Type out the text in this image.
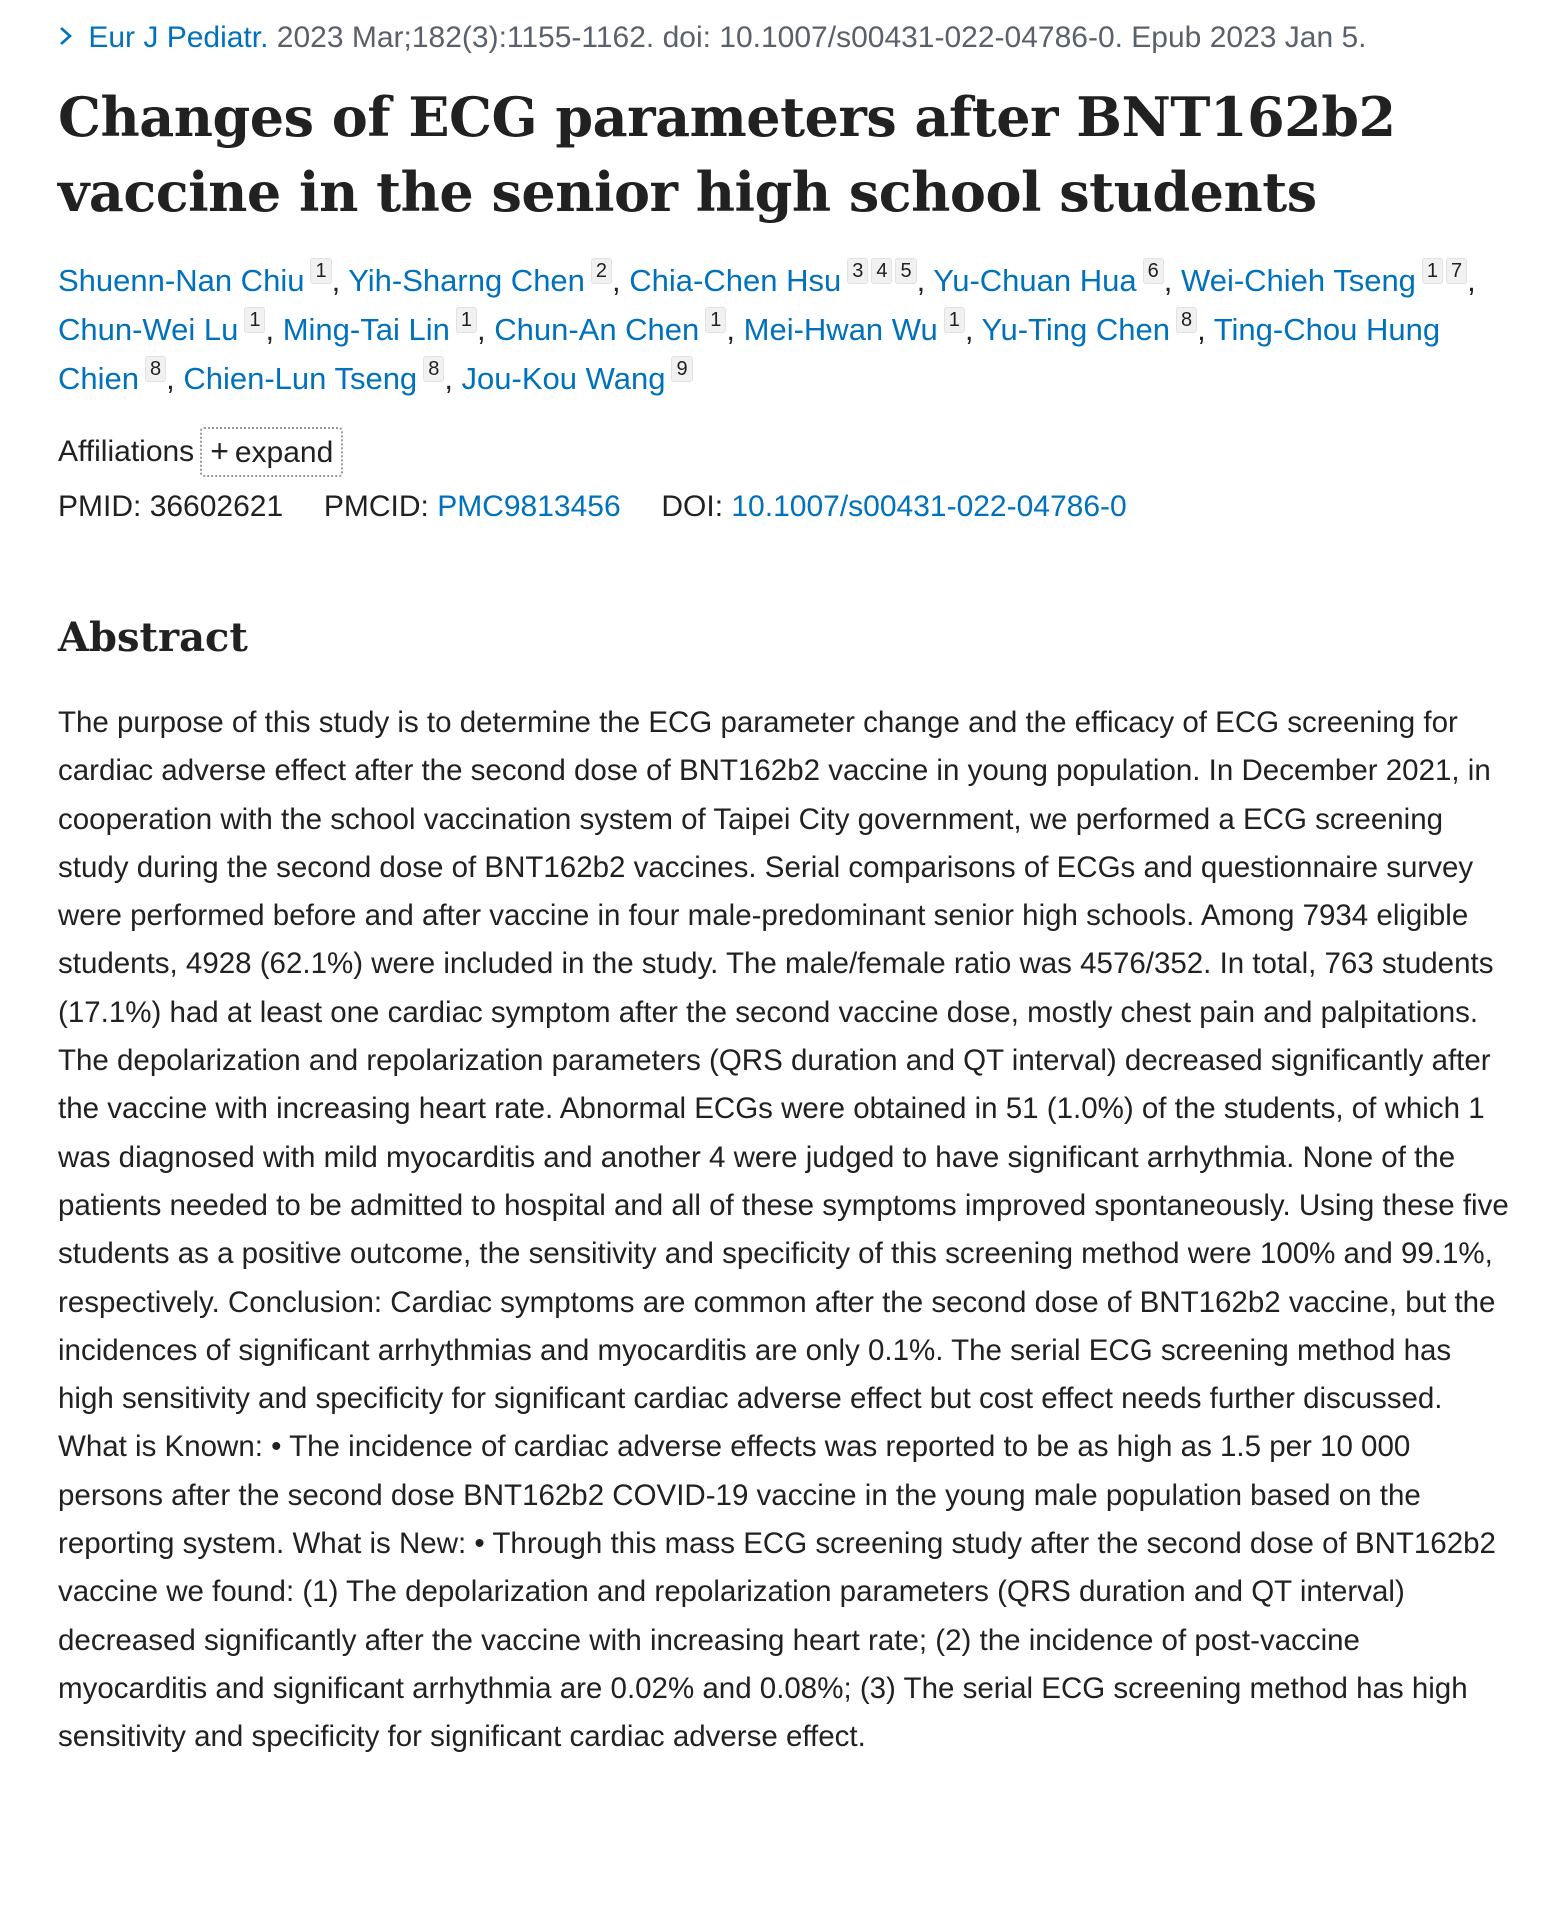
Eur J Pediatr. 2023 Mar;182(3):1155-1162. doi: 10.1007/s00431-022-04786-0. Epub 2023 Jan 5.
Changes of ECG parameters after BNT162b2 vaccine in the senior high school students
Shuenn-Nan Chiu 1 , Yih-Sharng Chen 2 , Chia-Chen Hsu 3 4 5 , Yu-Chuan Hua 6 , Wei-Chieh Tseng 1 7 , Chun-Wei Lu 1 , Ming-Tai Lin 1 , Chun-An Chen 1 , Mei-Hwan Wu 1 , Yu-Ting Chen 8 , Ting-Chou Hung Chien 8 , Chien-Lun Tseng 8 , Jou-Kou Wang 9
Affiliations + expand
PMID: 36602621 PMCID: PMC9813456 DOI: 10.1007/s00431-022-04786-0
Abstract
The purpose of this study is to determine the ECG parameter change and the efficacy of ECG screening for cardiac adverse effect after the second dose of BNT162b2 vaccine in young population. In December 2021, in cooperation with the school vaccination system of Taipei City government, we performed a ECG screening study during the second dose of BNT162b2 vaccines. Serial comparisons of ECGs and questionnaire survey were performed before and after vaccine in four male-predominant senior high schools. Among 7934 eligible students, 4928 (62.1%) were included in the study. The male/female ratio was 4576/352. In total, 763 students (17.1%) had at least one cardiac symptom after the second vaccine dose, mostly chest pain and palpitations. The depolarization and repolarization parameters (QRS duration and QT interval) decreased significantly after the vaccine with increasing heart rate. Abnormal ECGs were obtained in 51 (1.0%) of the students, of which 1 was diagnosed with mild myocarditis and another 4 were judged to have significant arrhythmia. None of the patients needed to be admitted to hospital and all of these symptoms improved spontaneously. Using these five students as a positive outcome, the sensitivity and specificity of this screening method were 100% and 99.1%, respectively. Conclusion: Cardiac symptoms are common after the second dose of BNT162b2 vaccine, but the incidences of significant arrhythmias and myocarditis are only 0.1%. The serial ECG screening method has high sensitivity and specificity for significant cardiac adverse effect but cost effect needs further discussed. What is Known: • The incidence of cardiac adverse effects was reported to be as high as 1.5 per 10 000 persons after the second dose BNT162b2 COVID-19 vaccine in the young male population based on the reporting system. What is New: • Through this mass ECG screening study after the second dose of BNT162b2 vaccine we found: (1) The depolarization and repolarization parameters (QRS duration and QT interval) decreased significantly after the vaccine with increasing heart rate; (2) the incidence of post-vaccine myocarditis and significant arrhythmia are 0.02% and 0.08%; (3) The serial ECG screening method has high sensitivity and specificity for significant cardiac adverse effect.
